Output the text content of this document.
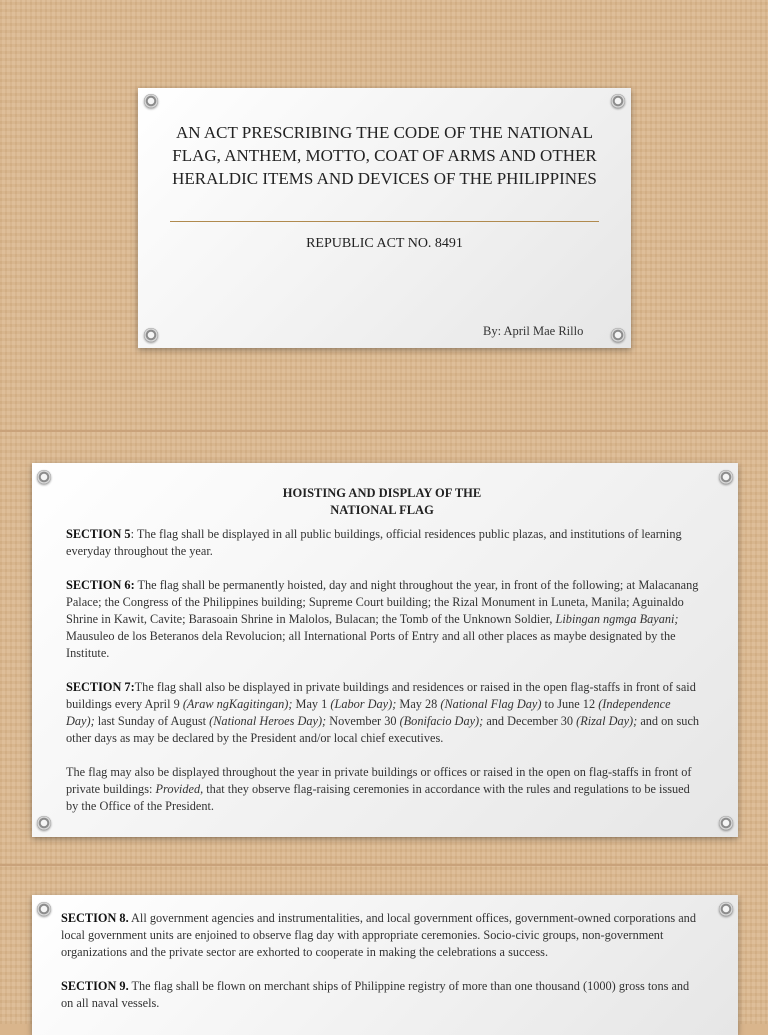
AN ACT PRESCRIBING THE CODE OF THE NATIONAL FLAG, ANTHEM, MOTTO, COAT OF ARMS AND OTHER HERALDIC ITEMS AND DEVICES OF THE PHILIPPINES
REPUBLIC ACT NO. 8491
By: April Mae Rillo
HOISTING AND DISPLAY OF THE
NATIONAL FLAG

SECTION 5: The flag shall be displayed in all public buildings, official residences public plazas, and institutions of learning everyday throughout the year.

SECTION 6: The flag shall be permanently hoisted, day and night throughout the year, in front of the following; at Malacanang Palace; the Congress of the Philippines building; Supreme Court building; the Rizal Monument in Luneta, Manila; Aguinaldo Shrine in Kawit, Cavite; Barasoain Shrine in Malolos, Bulacan; the Tomb of the Unknown Soldier, Libingan ngmga Bayani; Mausuleo de los Beteranos dela Revolucion; all International Ports of Entry and all other places as maybe designated by the Institute.

SECTION 7:The flag shall also be displayed in private buildings and residences or raised in the open flag-staffs in front of said buildings every April 9 (Araw ngKagitingan); May 1 (Labor Day); May 28 (National Flag Day) to June 12 (Independence Day); last Sunday of August (National Heroes Day); November 30 (Bonifacio Day); and December 30 (Rizal Day); and on such other days as may be declared by the President and/or local chief executives.

The flag may also be displayed throughout the year in private buildings or offices or raised in the open on flag-staffs in front of private buildings: Provided, that they observe flag-raising ceremonies in accordance with the rules and regulations to be issued by the Office of the President.

SECTION 8. All government agencies and instrumentalities, and local government offices, government-owned corporations and local government units are enjoined to observe flag day with appropriate ceremonies. Socio-civic groups, non-government organizations and the private sector are exhorted to cooperate in making the celebrations a success.

SECTION 9. The flag shall be flown on merchant ships of Philippine registry of more than one thousand (1000) gross tons and on all naval vessels.
